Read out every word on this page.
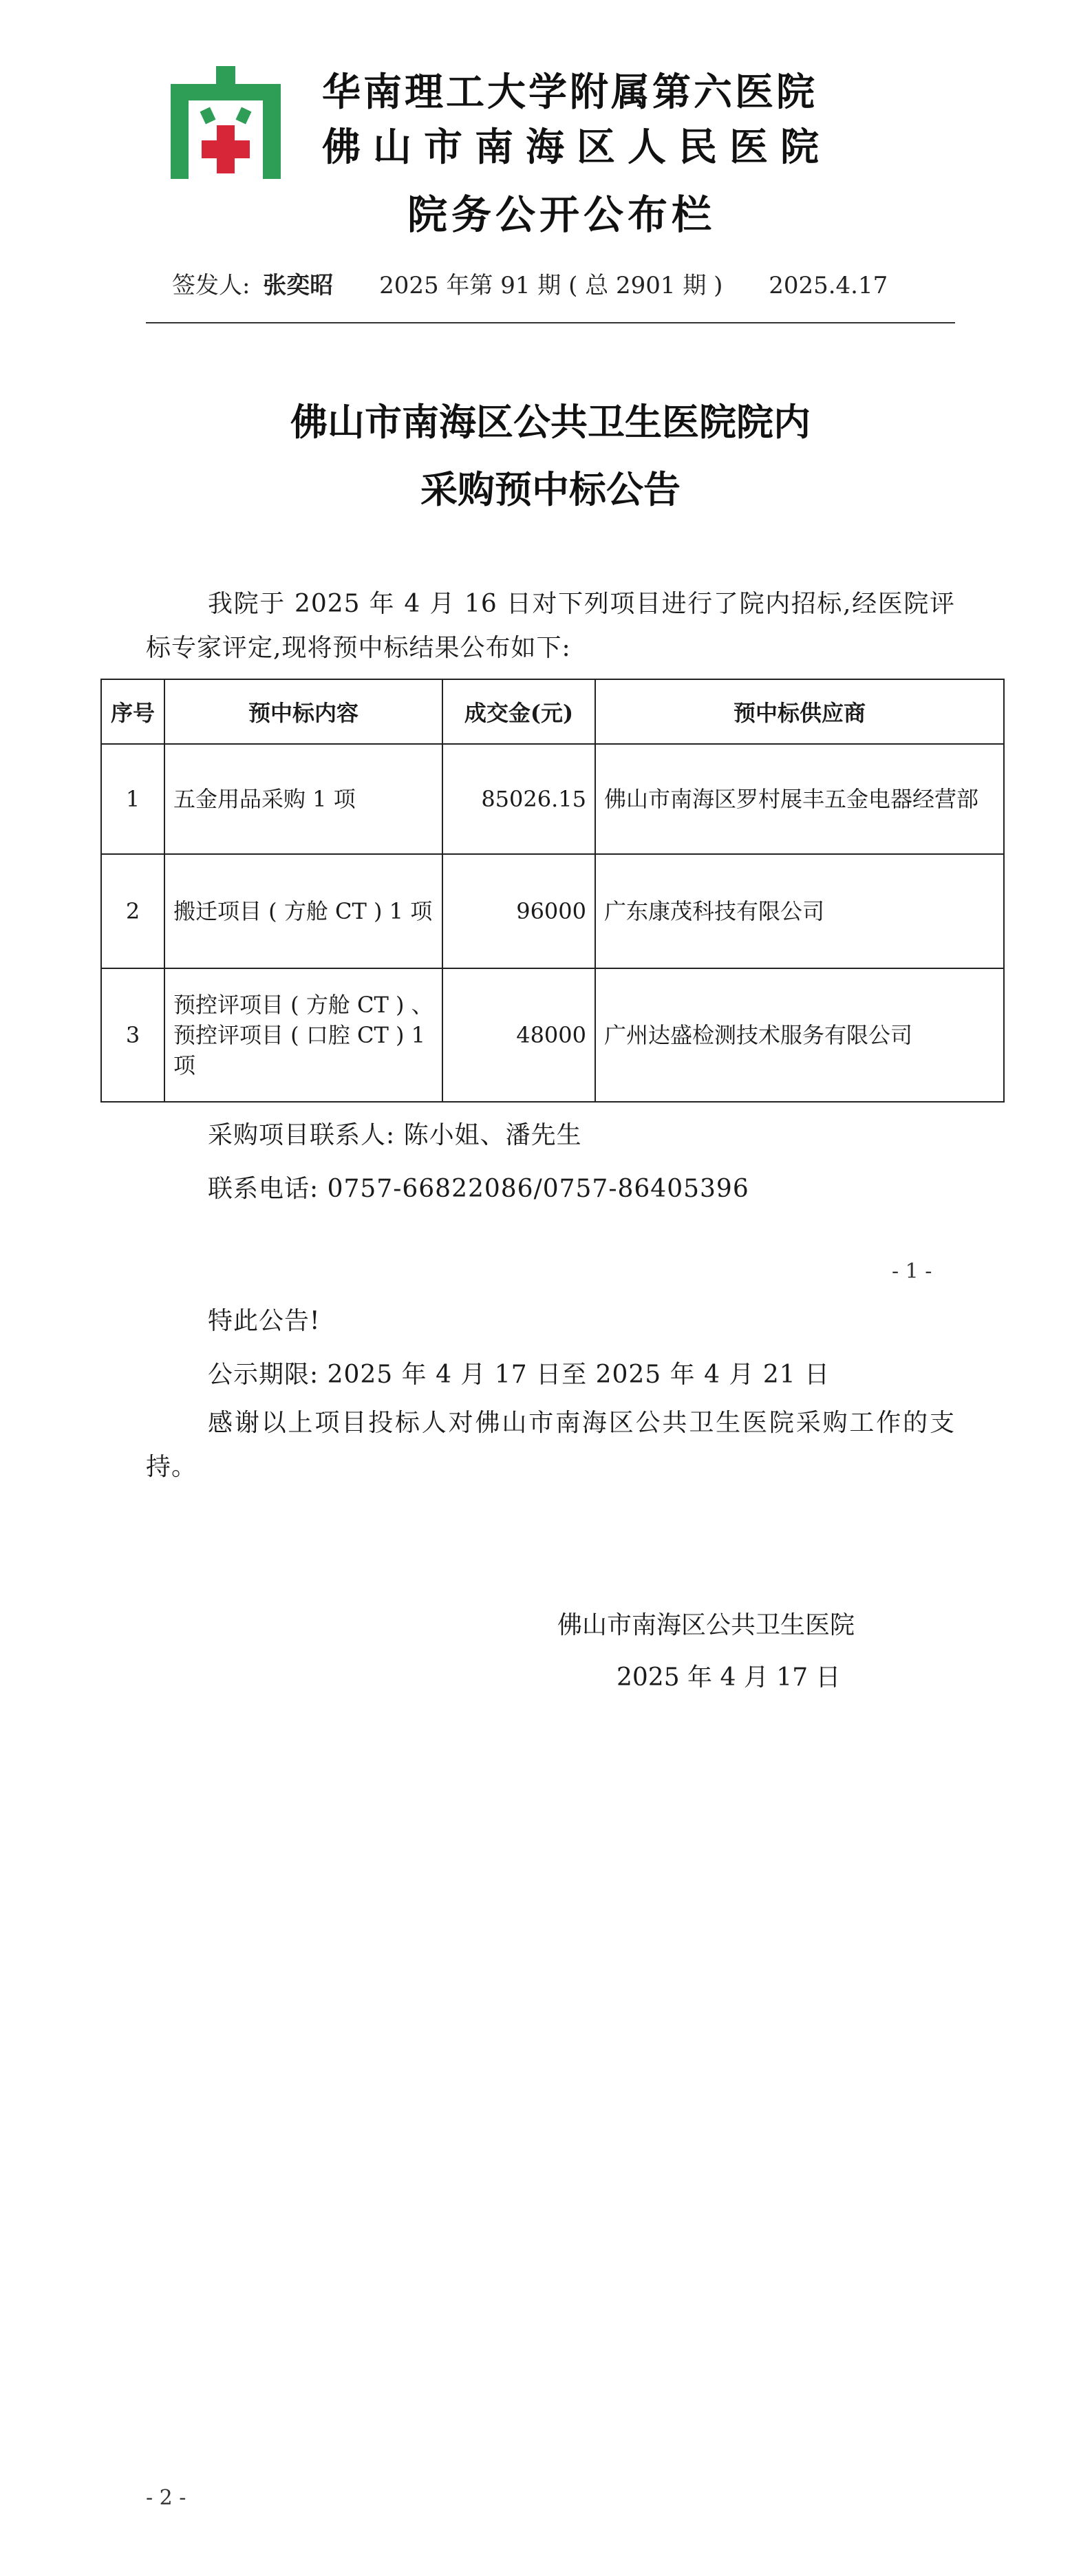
华南理工大学附属第六医院
佛山市南海区人民医院
院务公开公布栏
签发人: 张奕昭 2025 年第 91 期 ( 总 2901 期 ) 2025.4.17
佛山市南海区公共卫生医院院内
采购预中标公告
我院于 2025 年 4 月 16 日对下列项目进行了院内招标,经医院评标专家评定,现将预中标结果公布如下:
序号	预中标内容	成交金(元)	预中标供应商
1	五金用品采购 1 项	85026.15	佛山市南海区罗村展丰五金电器经营部
2	搬迁项目 ( 方舱 CT ) 1 项	96000	广东康茂科技有限公司
3	预控评项目 ( 方舱 CT ) 、预控评项目 ( 口腔 CT ) 1 项	48000	广州达盛检测技术服务有限公司
采购项目联系人: 陈小姐、潘先生
联系电话: 0757-66822086/0757-86405396
- 1 -
特此公告!
公示期限: 2025 年 4 月 17 日至 2025 年 4 月 21 日
感谢以上项目投标人对佛山市南海区公共卫生医院采购工作的支持。
佛山市南海区公共卫生医院
2025 年 4 月 17 日
- 2 -
